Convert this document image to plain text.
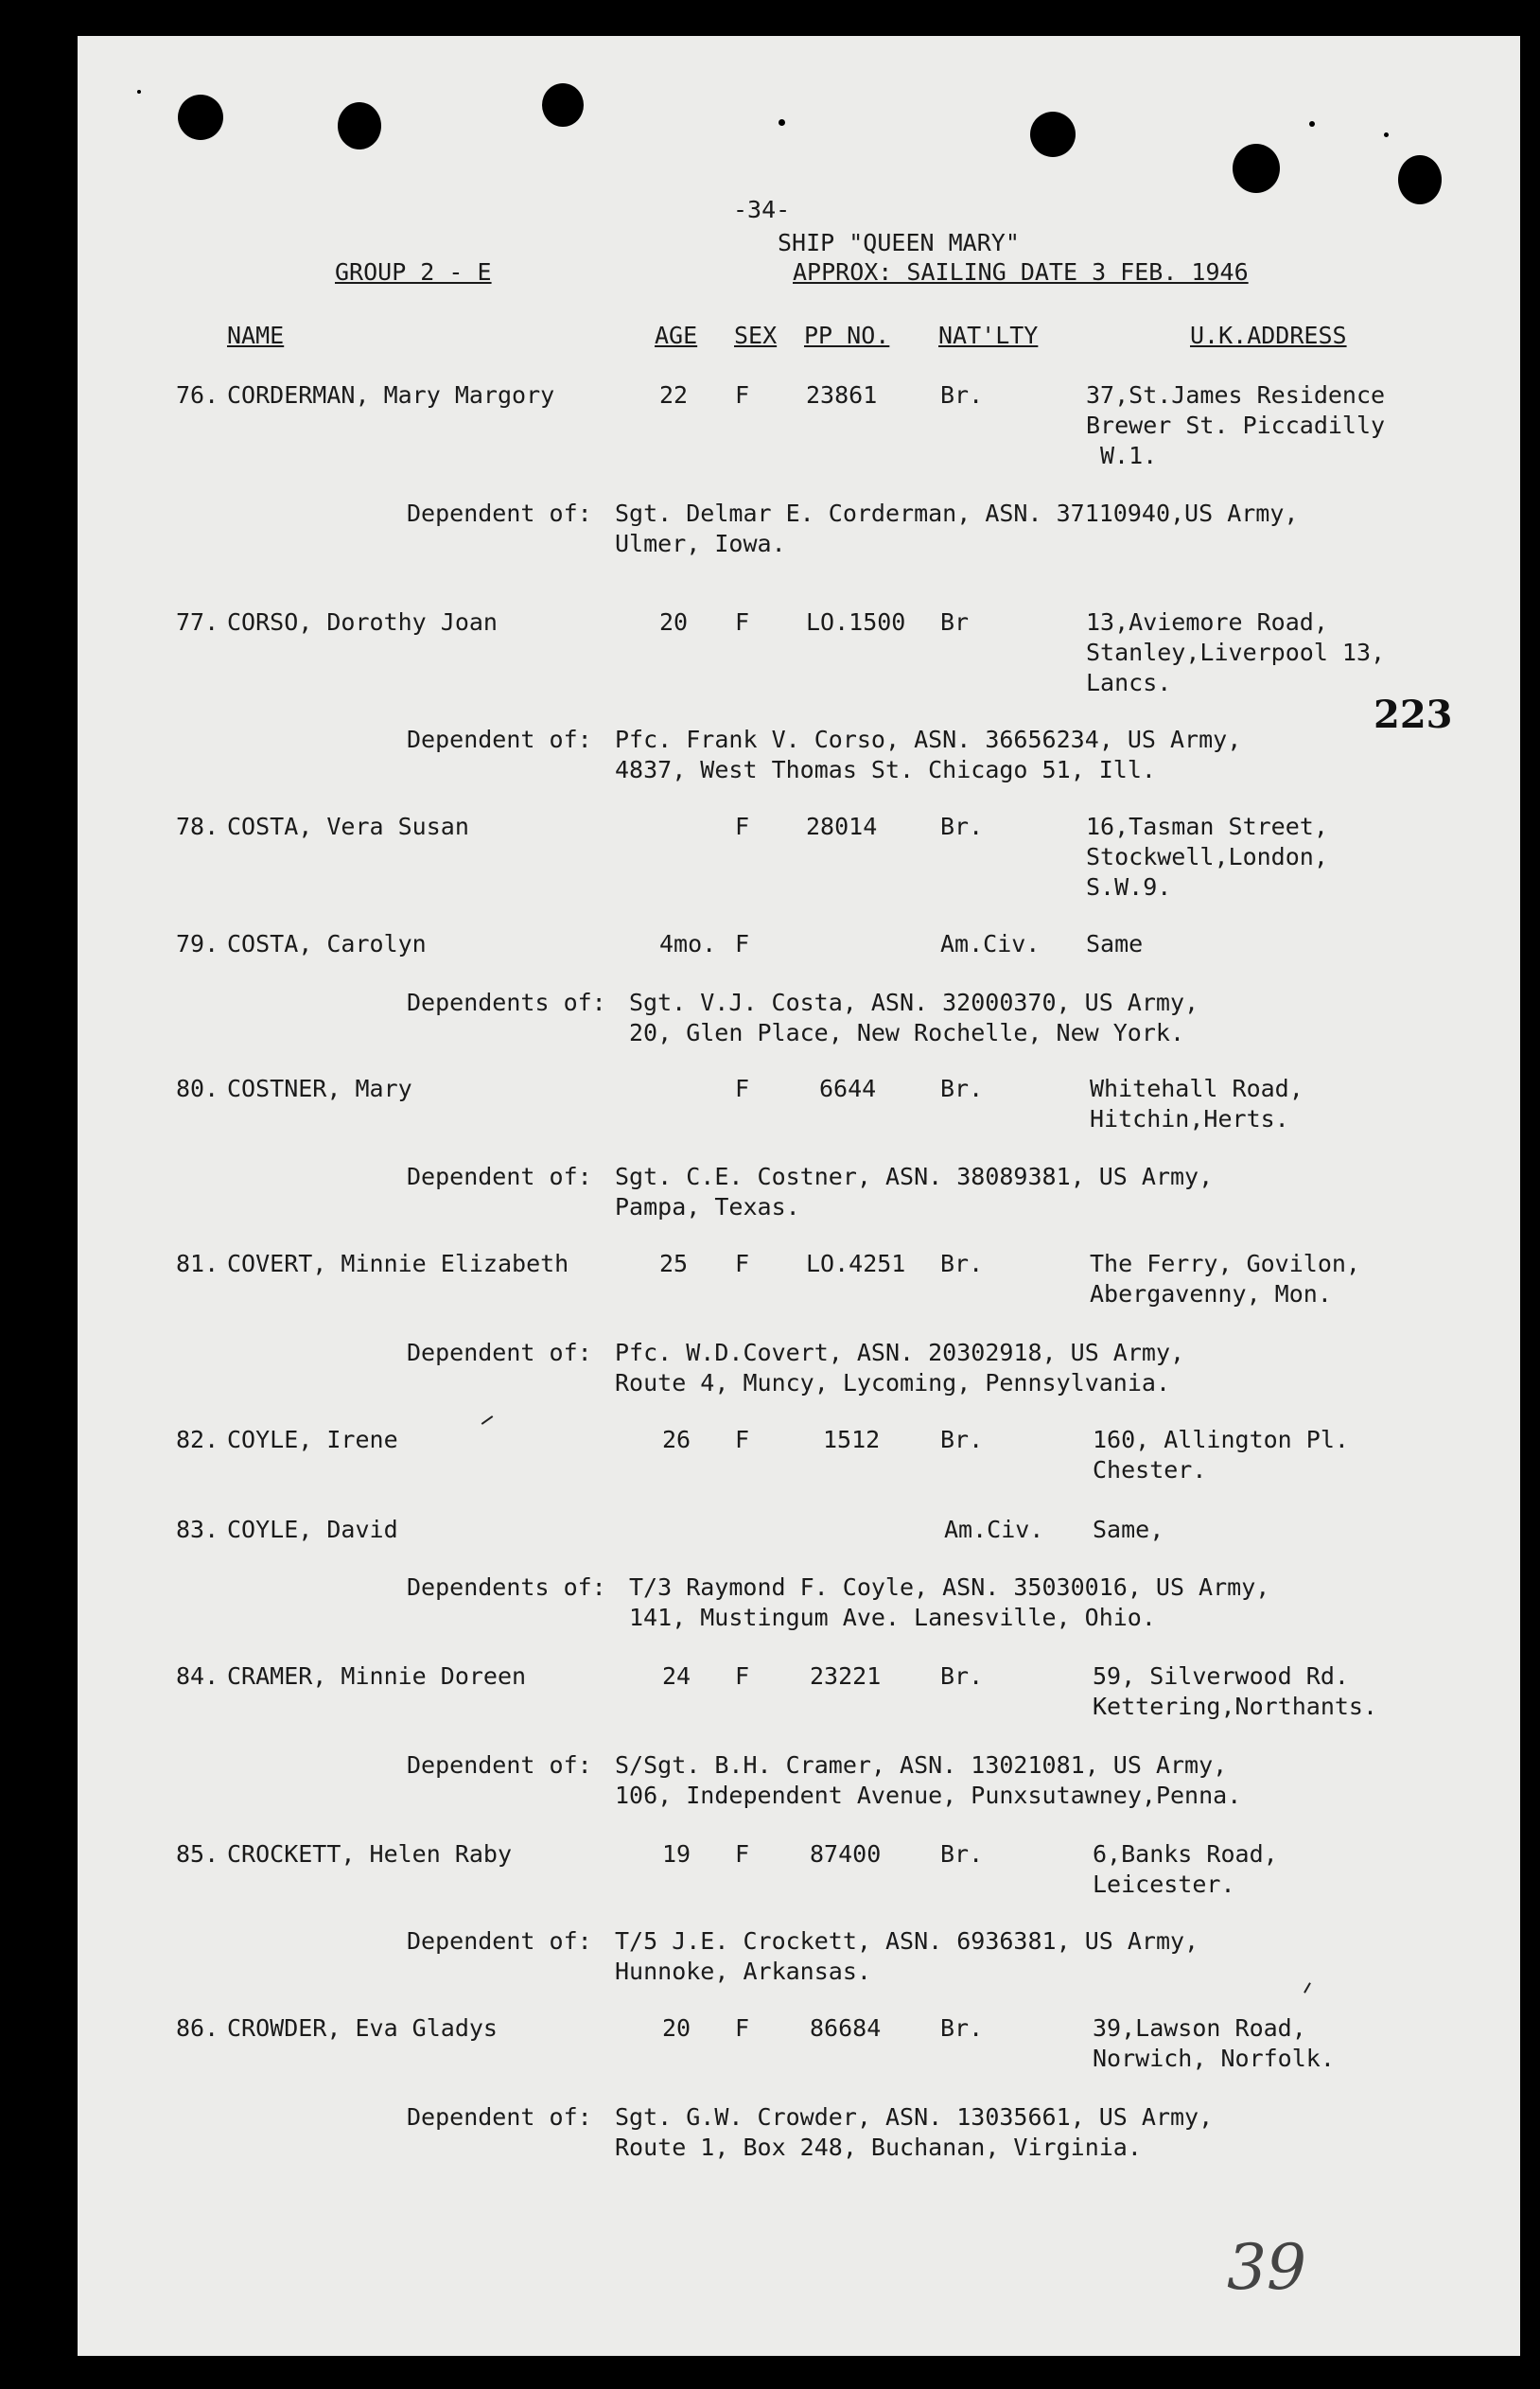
-34-
SHIP "QUEEN MARY"
APPROX: SAILING DATE 3 FEB. 1946
GROUP 2 - E
NAME	AGE SEX PP NO. NAT'LTY	U.K.ADDRESS
76. CORDERMAN, Mary Margory	22 F 23861	Br.	37,St.James Residence
Brewer St. Piccadilly
W.1.
Dependent of: Sgt. Delmar E. Corderman, ASN. 37110940,US Army,
Ulmer, Iowa.
77. CORSO, Dorothy Joan	20 F LO.1500 Br	13,Aviemore Road,
Stanley,Liverpool 13,
Lancs.
Dependent of: Pfc. Frank V. Corso, ASN. 36656234, US Army,
4837, West Thomas St. Chicago 51, Ill.
223
78. COSTA, Vera Susan	F 28014	Br.	16,Tasman Street,
Stockwell,London,
S.W.9.
79. COSTA, Carolyn	4mo. F	Am.Civ. Same
Dependents of: Sgt. V.J. Costa, ASN. 32000370, US Army,
20, Glen Place, New Rochelle, New York.
80. COSTNER, Mary	F	6644	Br.	Whitehall Road,
Hitchin,Herts.
Dependent of: Sgt. C.E. Costner, ASN. 38089381, US Army,
Pampa, Texas.
81. COVERT, Minnie Elizabeth	25 F LO.4251 Br.	The Ferry, Govilon,
Abergavenny, Mon.
Dependent of: Pfc. W.D.Covert, ASN. 20302918, US Army,
Route 4, Muncy, Lycoming, Pennsylvania.
82. COYLE, Irene	26 F	1512	Br.	160, Allington Pl.
Chester.
83. COYLE, David	Am.Civ. Same,
Dependents of: T/3 Raymond F. Coyle, ASN. 35030016, US Army,
141, Mustingum Ave. Lanesville, Ohio.
84. CRAMER, Minnie Doreen	24 F	23221	Br.	59, Silverwood Rd.
Kettering,Northants.
Dependent of: S/Sgt. B.H. Cramer, ASN. 13021081, US Army,
106, Independent Avenue, Punxsutawney,Penna.
85. CROCKETT, Helen Raby	19 F	87400	Br.	6,Banks Road,
Leicester.
Dependent of: T/5 J.E. Crockett, ASN. 6936381, US Army,
Hunnoke, Arkansas.
86. CROWDER, Eva Gladys	20 F	86684	Br.	39,Lawson Road,
Norwich, Norfolk.
Dependent of: Sgt. G.W. Crowder, ASN. 13035661, US Army,
Route 1, Box 248, Buchanan, Virginia.
39
